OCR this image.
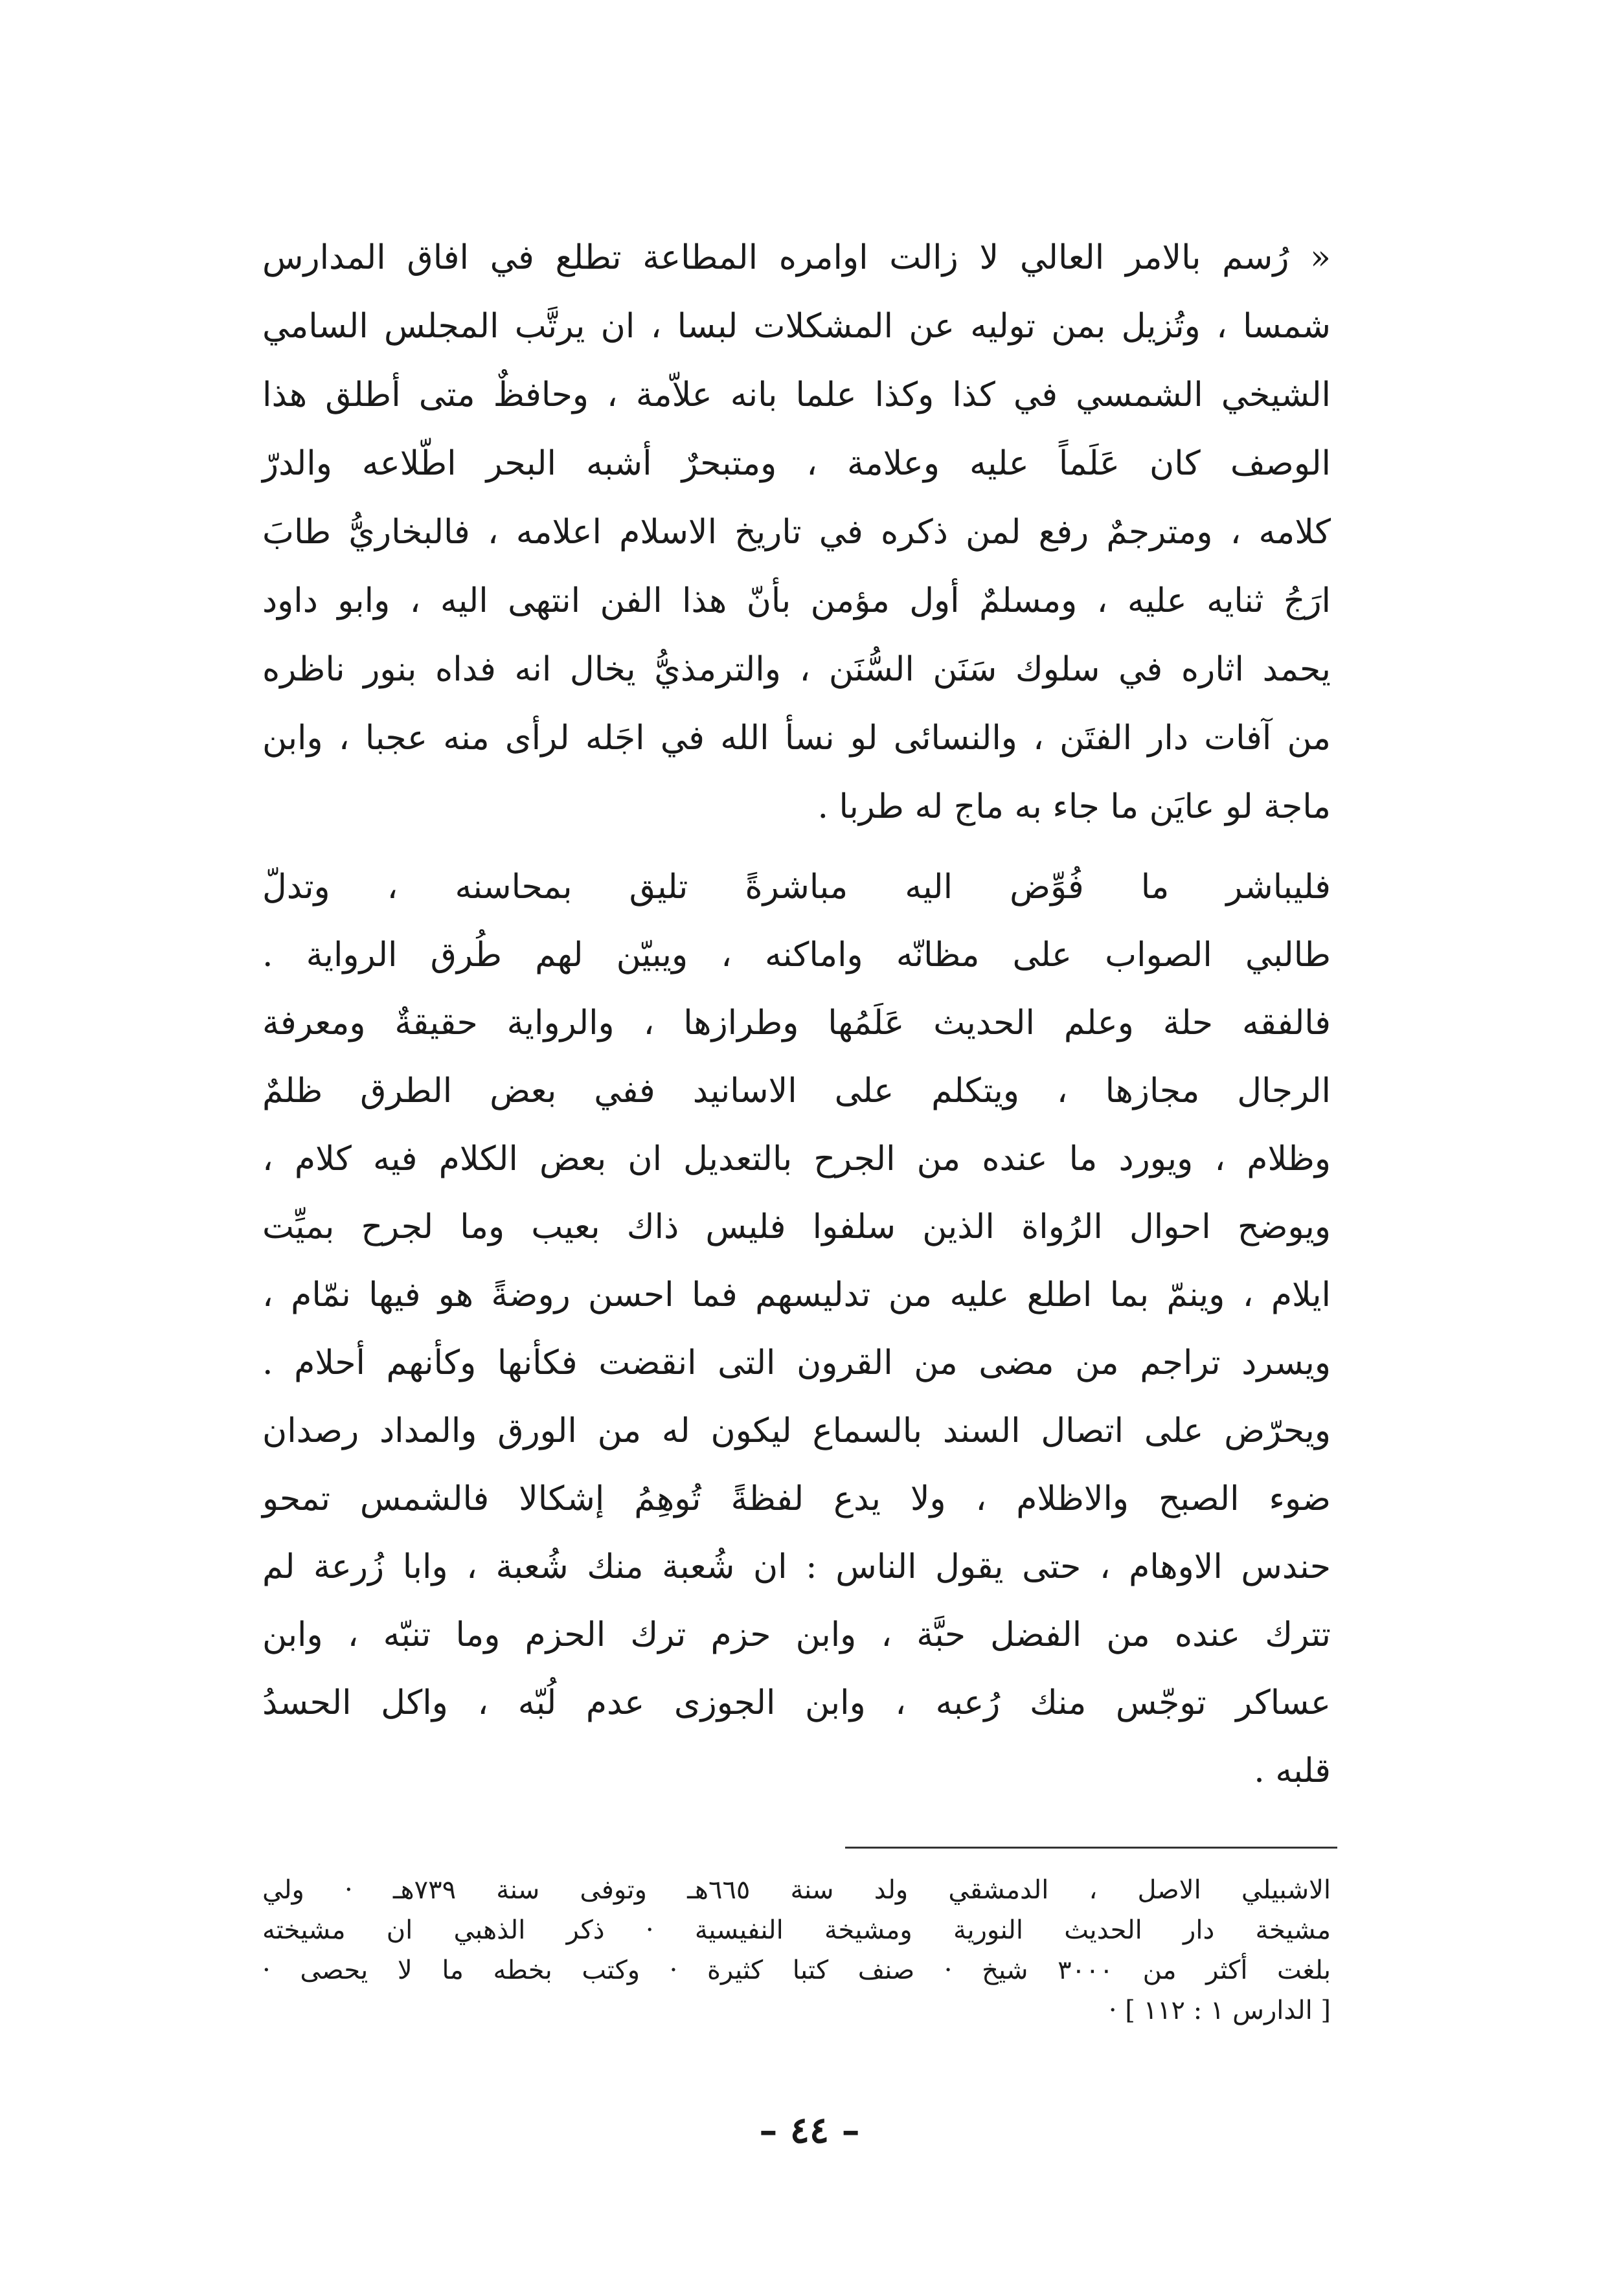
« رُسم بالامر العالي لا زالت اوامره المطاعة تطلع في افاق المدارس
شمسا ، وتُزيل بمن توليه عن المشكلات لبسا ، ان يرتَّب المجلس السامي
الشيخي الشمسي في كذا وكذا علما بانه علاّمة ، وحافظٌ متى أطلق هذا
الوصف كان عَلَماً عليه وعلامة ، ومتبحرٌ أشبه البحر اطّلاعه والدرّ
كلامه ، ومترجمٌ رفع لمن ذكره في تاريخ الاسلام اعلامه ، فالبخاريُّ طابَ
ارَجُ ثنايه عليه ، ومسلمٌ أول مؤمن بأنّ هذا الفن انتهى اليه ، وابو داود
يحمد اثاره في سلوك سَنَن السُّنَن ، والترمذيُّ يخال انه فداه بنور ناظره
من آفات دار الفتَن ، والنسائى لو نسأ الله في اجَله لرأى منه عجبا ، وابن
ماجة لو عايَن ما جاء به ماج له طربا .
فليباشر ما فُوِّض اليه مباشرةً تليق بمحاسنه ، وتدلّ
طالبي الصواب على مظانّه واماكنه ، ويبيّن لهم طُرق الرواية .
فالفقه حلة وعلم الحديث عَلَمُها وطرازها ، والرواية حقيقةٌ ومعرفة
الرجال مجازها ، ويتكلم على الاسانيد ففي بعض الطرق ظلمٌ
وظلام ، ويورد ما عنده من الجرح بالتعديل ان بعض الكلام فيه كلام ،
ويوضح احوال الرُواة الذين سلفوا فليس ذاك بعيب وما لجرح بميِّت
ايلام ، وينمّ بما اطلع عليه من تدليسهم فما احسن روضةً هو فيها نمّام ،
ويسرد تراجم من مضى من القرون التى انقضت فكأنها وكأنهم أحلام .
ويحرّض على اتصال السند بالسماع ليكون له من الورق والمداد رصدان
ضوء الصبح والاظلام ، ولا يدع لفظةً تُوهِمُ إشكالا فالشمس تمحو
حندس الاوهام ، حتى يقول الناس : ان شُعبة منك شُعبة ، وابا زُرعة لم
تترك عنده من الفضل حبَّة ، وابن حزم ترك الحزم وما تنبّه ، وابن
عساكر توجّس منك رُعبه ، وابن الجوزى عدم لُبّه ، واكل الحسدُ
قلبه .
الاشبيلي الاصل ، الدمشقي ولد سنة ٦٦٥هـ وتوفى سنة ٧٣٩هـ · ولي
مشيخة دار الحديث النورية ومشيخة النفيسية · ذكر الذهبي ان مشيخته
بلغت أكثر من ٣٠٠٠ شيخ · صنف كتبا كثيرة · وكتب بخطه ما لا يحصى ·
[ الدارس ١ : ١١٢ ] ·
– ٤٤ –
